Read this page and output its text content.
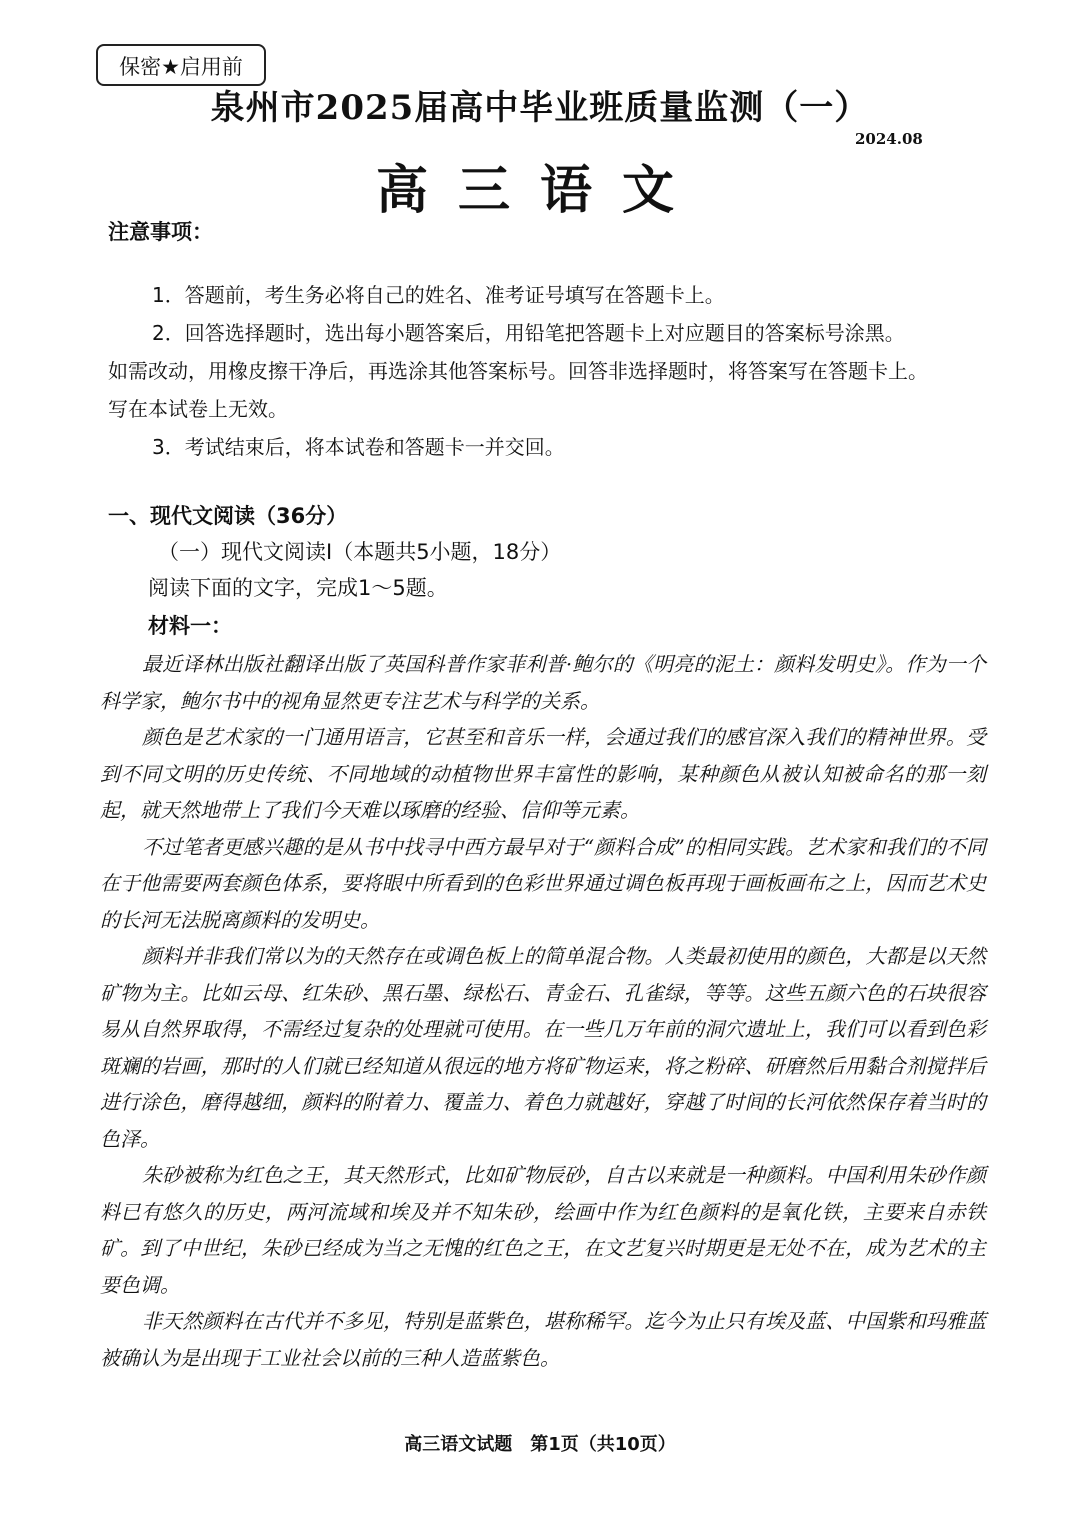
保密★启用前
泉州市2025届高中毕业班质量监测（一）
2024.08
高三语文
注意事项：

1．答题前，考生务必将自己的姓名、准考证号填写在答题卡上。

2．回答选择题时，选出每小题答案后，用铅笔把答题卡上对应题目的答案标号涂黑。

如需改动，用橡皮擦干净后，再选涂其他答案标号。回答非选择题时，将答案写在答题卡上。

写在本试卷上无效。

3．考试结束后，将本试卷和答题卡一并交回。

一、现代文阅读（36分）
（一）现代文阅读Ⅰ（本题共5小题，18分）
阅读下面的文字，完成1～5题。
材料一：

最近译林出版社翻译出版了英国科普作家菲利普·鲍尔的《明亮的泥土：颜料发明史》。作为一个科学家，鲍尔书中的视角显然更专注艺术与科学的关系。

颜色是艺术家的一门通用语言，它甚至和音乐一样，会通过我们的感官深入我们的精神世界。受到不同文明的历史传统、不同地域的动植物世界丰富性的影响，某种颜色从被认知被命名的那一刻起，就天然地带上了我们今天难以琢磨的经验、信仰等元素。

不过笔者更感兴趣的是从书中找寻中西方最早对于“颜料合成”的相同实践。艺术家和我们的不同在于他需要两套颜色体系，要将眼中所看到的色彩世界通过调色板再现于画板画布之上，因而艺术史的长河无法脱离颜料的发明史。

颜料并非我们常以为的天然存在或调色板上的简单混合物。人类最初使用的颜色，大都是以天然矿物为主。比如云母、红朱砂、黑石墨、绿松石、青金石、孔雀绿，等等。这些五颜六色的石块很容易从自然界取得，不需经过复杂的处理就可使用。在一些几万年前的洞穴遗址上，我们可以看到色彩斑斓的岩画，那时的人们就已经知道从很远的地方将矿物运来，将之粉碎、研磨然后用黏合剂搅拌后进行涂色，磨得越细，颜料的附着力、覆盖力、着色力就越好，穿越了时间的长河依然保存着当时的色泽。

朱砂被称为红色之王，其天然形式，比如矿物辰砂，自古以来就是一种颜料。中国利用朱砂作颜料已有悠久的历史，两河流域和埃及并不知朱砂，绘画中作为红色颜料的是氧化铁，主要来自赤铁矿。到了中世纪，朱砂已经成为当之无愧的红色之王，在文艺复兴时期更是无处不在，成为艺术的主要色调。

非天然颜料在古代并不多见，特别是蓝紫色，堪称稀罕。迄今为止只有埃及蓝、中国紫和玛雅蓝被确认为是出现于工业社会以前的三种人造蓝紫色。

高三语文试题　第1页（共10页）
